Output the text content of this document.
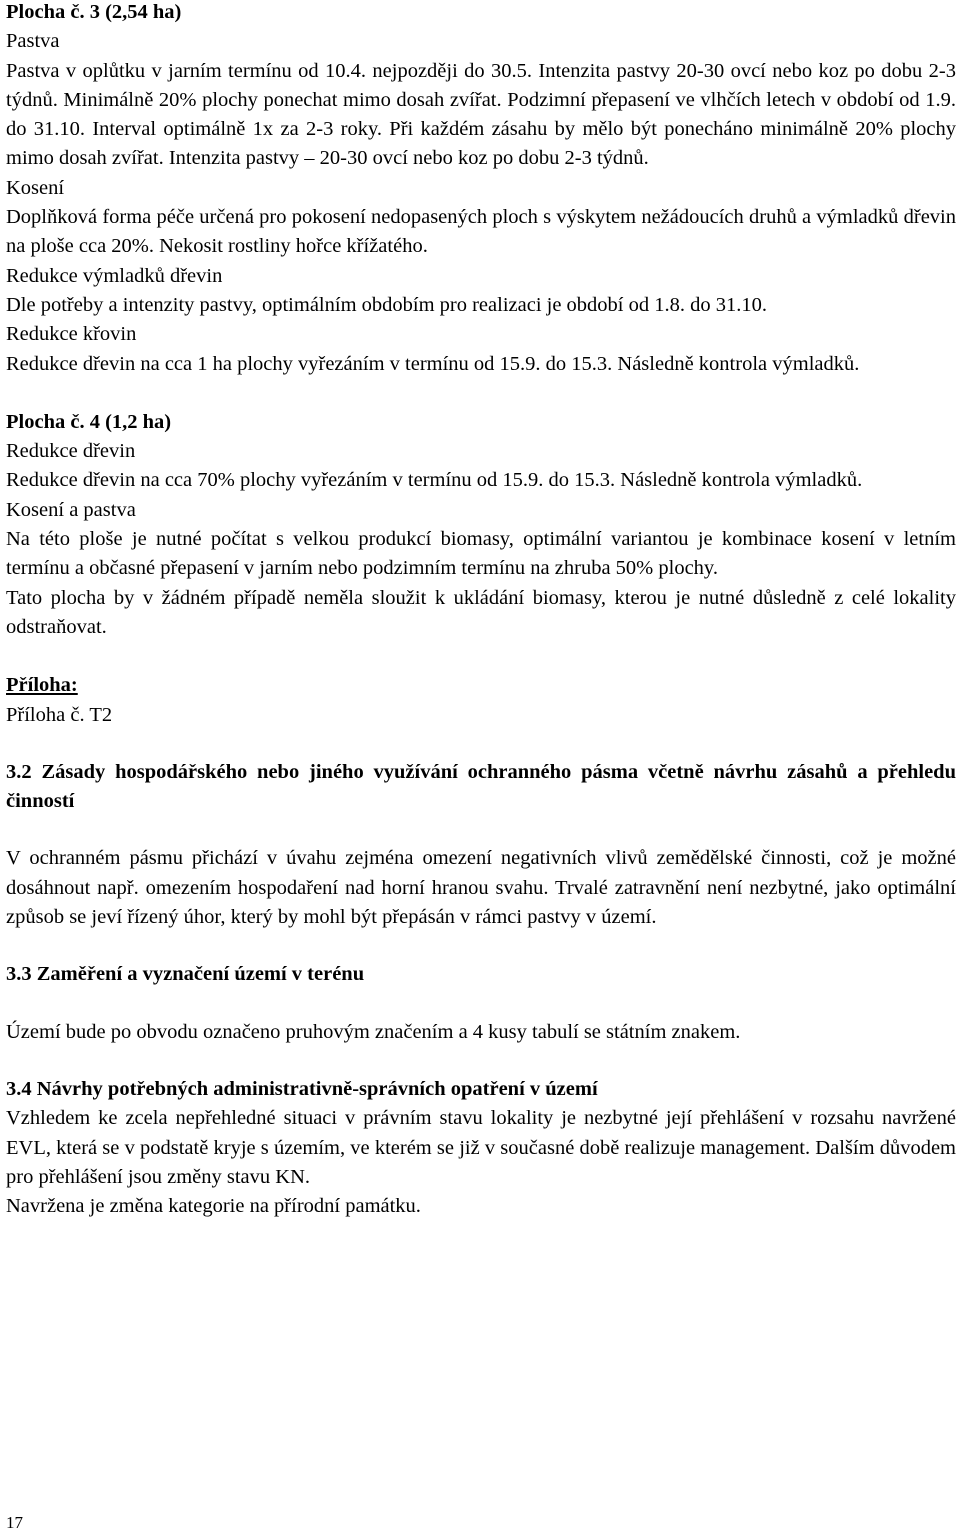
Plocha č. 3 (2,54 ha)

Pastva

Pastva v oplůtku v jarním termínu od 10.4. nejpozději do 30.5. Intenzita pastvy 20-30 ovcí nebo koz po dobu 2-3 týdnů. Minimálně 20% plochy ponechat mimo dosah zvířat. Podzimní přepasení ve vlhčích letech v období od 1.9. do 31.10. Interval optimálně 1x za 2-3 roky. Při každém zásahu by mělo být ponecháno minimálně 20% plochy mimo dosah zvířat. Intenzita pastvy – 20-30 ovcí nebo koz po dobu 2-3 týdnů.

Kosení

Doplňková forma péče určená pro pokosení nedopasených ploch s výskytem nežádoucích druhů a výmladků dřevin na ploše cca 20%. Nekosit rostliny hořce křížatého.

Redukce výmladků dřevin

Dle potřeby a intenzity pastvy, optimálním obdobím pro realizaci je období od 1.8. do 31.10.

Redukce křovin

Redukce dřevin na cca 1 ha plochy vyřezáním v termínu od 15.9. do 15.3. Následně kontrola výmladků.

Plocha č. 4 (1,2 ha)

Redukce dřevin

Redukce dřevin na cca 70% plochy vyřezáním v termínu od 15.9. do 15.3. Následně kontrola výmladků.

Kosení a pastva

Na této ploše je nutné počítat s velkou produkcí biomasy, optimální variantou je kombinace kosení v letním termínu a občasné přepasení v jarním nebo podzimním termínu na zhruba 50% plochy.

Tato plocha by v žádném případě neměla sloužit k ukládání biomasy, kterou je nutné důsledně z celé lokality odstraňovat.

Příloha:

Příloha č. T2

3.2 Zásady hospodářského nebo jiného využívání ochranného pásma včetně návrhu zásahů a přehledu činností

V ochranném pásmu přichází v úvahu zejména omezení negativních vlivů zemědělské činnosti, což je možné dosáhnout např. omezením hospodaření nad horní hranou svahu. Trvalé zatravnění není nezbytné, jako optimální způsob se jeví řízený úhor, který by mohl být přepásán v rámci pastvy v území.

3.3 Zaměření a vyznačení území v terénu

Území bude po obvodu označeno pruhovým značením a 4 kusy tabulí se státním znakem.

3.4 Návrhy potřebných administrativně-správních opatření v území

Vzhledem ke zcela nepřehledné situaci v právním stavu lokality je nezbytné její přehlášení v rozsahu navržené EVL, která se v podstatě kryje s územím, ve kterém se již v současné době realizuje management. Dalším důvodem pro přehlášení jsou změny stavu KN.

Navržena je změna kategorie na přírodní památku.

17
